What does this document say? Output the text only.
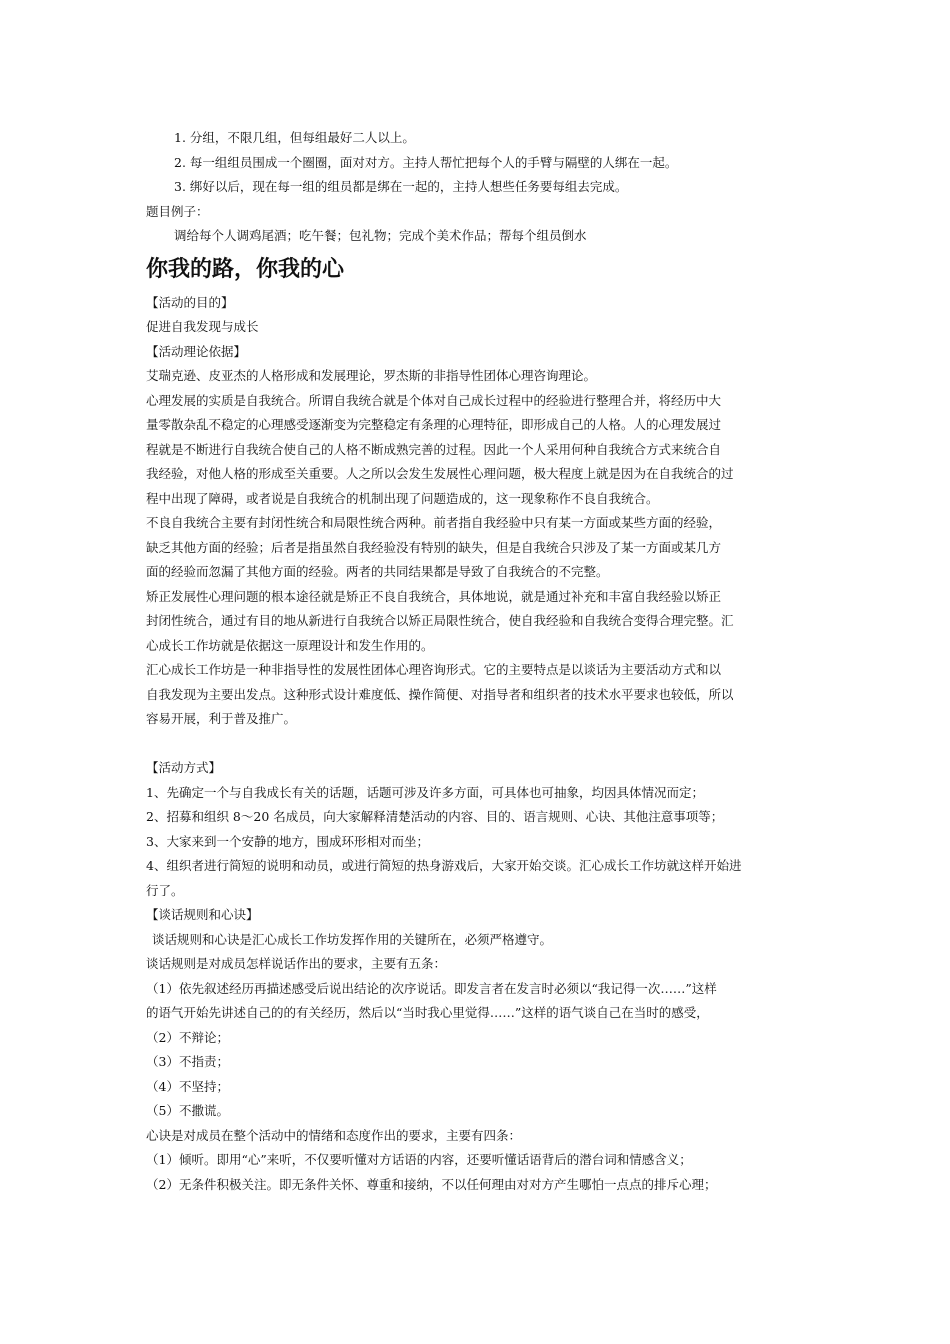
1. 分组，不限几组，但每组最好二人以上。

2. 每一组组员围成一个圈圈，面对对方。主持人帮忙把每个人的手臂与隔壁的人绑在一起。

3. 绑好以后，现在每一组的组员都是绑在一起的，主持人想些任务要每组去完成。

题目例子：

调给每个人调鸡尾酒；吃午餐；包礼物；完成个美术作品；帮每个组员倒水

你我的路，你我的心

【活动的目的】

促进自我发现与成长

【活动理论依据】

艾瑞克逊、皮亚杰的人格形成和发展理论，罗杰斯的非指导性团体心理咨询理论。

心理发展的实质是自我统合。所谓自我统合就是个体对自己成长过程中的经验进行整理合并，将经历中大

量零散杂乱不稳定的心理感受逐渐变为完整稳定有条理的心理特征，即形成自己的人格。人的心理发展过

程就是不断进行自我统合使自己的人格不断成熟完善的过程。因此一个人采用何种自我统合方式来统合自

我经验，对他人格的形成至关重要。人之所以会发生发展性心理问题，极大程度上就是因为在自我统合的过

程中出现了障碍，或者说是自我统合的机制出现了问题造成的，这一现象称作不良自我统合。

不良自我统合主要有封闭性统合和局限性统合两种。前者指自我经验中只有某一方面或某些方面的经验，

缺乏其他方面的经验；后者是指虽然自我经验没有特别的缺失，但是自我统合只涉及了某一方面或某几方

面的经验而忽漏了其他方面的经验。两者的共同结果都是导致了自我统合的不完整。

矫正发展性心理问题的根本途径就是矫正不良自我统合，具体地说，就是通过补充和丰富自我经验以矫正

封闭性统合，通过有目的地从新进行自我统合以矫正局限性统合，使自我经验和自我统合变得合理完整。汇

心成长工作坊就是依据这一原理设计和发生作用的。

汇心成长工作坊是一种非指导性的发展性团体心理咨询形式。它的主要特点是以谈话为主要活动方式和以

自我发现为主要出发点。这种形式设计难度低、操作简便、对指导者和组织者的技术水平要求也较低，所以

容易开展，利于普及推广。

【活动方式】

1、先确定一个与自我成长有关的话题，话题可涉及许多方面，可具体也可抽象，均因具体情况而定；

2、招募和组织 8～20 名成员，向大家解释清楚活动的内容、目的、语言规则、心诀、其他注意事项等；

3、大家来到一个安静的地方，围成环形相对而坐；

4、组织者进行简短的说明和动员，或进行简短的热身游戏后，大家开始交谈。汇心成长工作坊就这样开始进

行了。

【谈话规则和心诀】

谈话规则和心诀是汇心成长工作坊发挥作用的关键所在，必须严格遵守。

谈话规则是对成员怎样说话作出的要求，主要有五条：

（1）依先叙述经历再描述感受后说出结论的次序说话。即发言者在发言时必须以“我记得一次……”这样

的语气开始先讲述自己的的有关经历，然后以“当时我心里觉得……”这样的语气谈自己在当时的感受，

（2）不辩论；

（3）不指责；

（4）不坚持；

（5）不撒谎。

心诀是对成员在整个活动中的情绪和态度作出的要求，主要有四条：

（1）倾听。即用“心”来听，不仅要听懂对方话语的内容，还要听懂话语背后的潜台词和情感含义；

（2）无条件积极关注。即无条件关怀、尊重和接纳，不以任何理由对对方产生哪怕一点点的排斥心理；
